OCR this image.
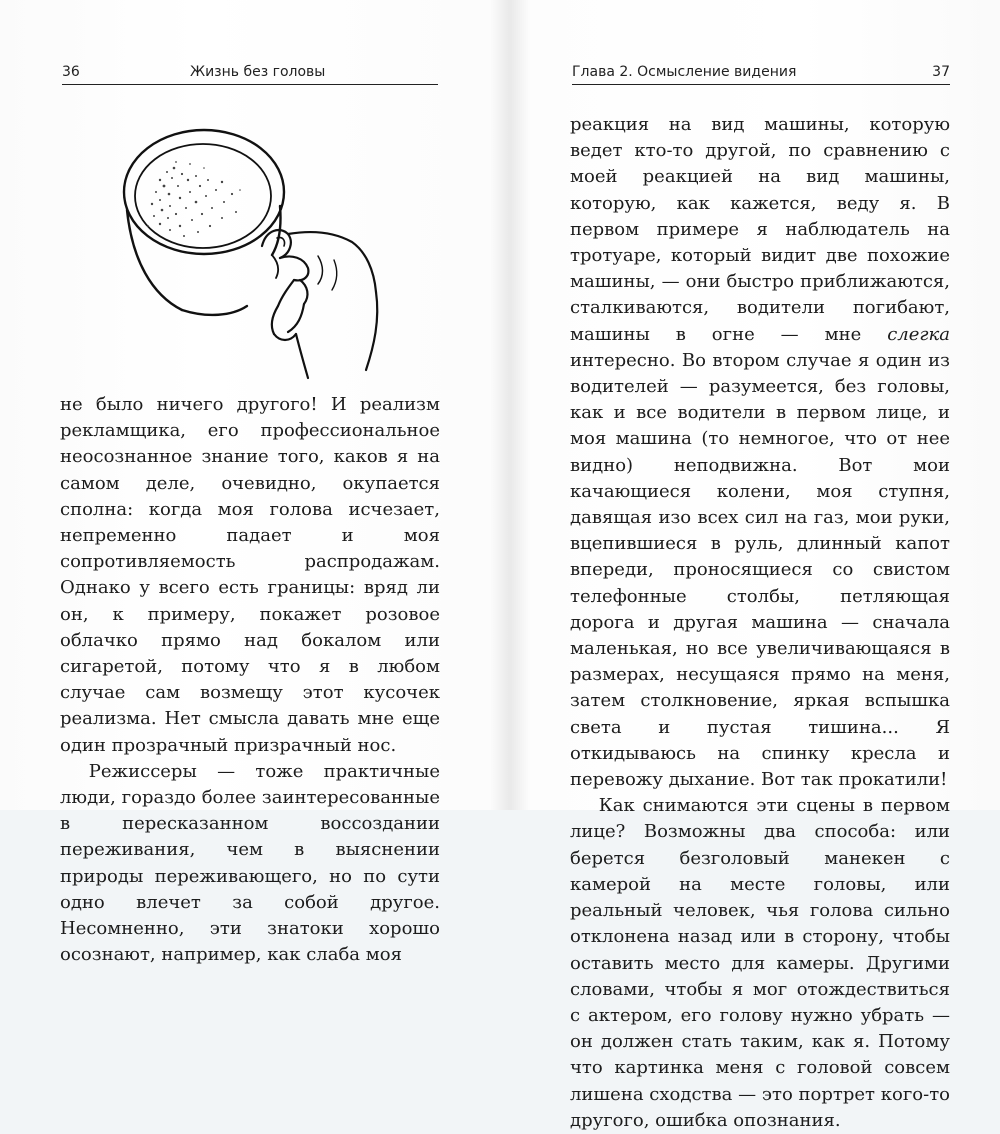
36	Жизнь без головы

не было ничего другого! И реализм рекламщика, его профессиональное неосознанное знание того, каков я на самом деле, очевидно, окупается сполна: когда моя голова исчезает, непременно падает и моя сопротивляемость распродажам. Однако у всего есть границы: вряд ли он, к примеру, покажет розовое облачко прямо над бокалом или сигаретой, потому что я в любом случае сам возмещу этот кусочек реализма. Нет смысла давать мне еще один прозрачный призрачный нос.

Режиссеры — тоже практичные люди, гораздо более заинтересованные в пересказанном воссоздании переживания, чем в выяснении природы переживающего, но по сути одно влечет за собой другое. Несомненно, эти знатоки хорошо осознают, например, как слаба моя

Глава 2. Осмысление видения	37

реакция на вид машины, которую ведет кто-то другой, по сравнению с моей реакцией на вид машины, которую, как кажется, веду я. В первом примере я наблюдатель на тротуаре, который видит две похожие машины, — они быстро приближаются, сталкиваются, водители погибают, машины в огне — мне слегка интересно. Во втором случае я один из водителей — разумеется, без головы, как и все водители в первом лице, и моя машина (то немногое, что от нее видно) неподвижна. Вот мои качающиеся колени, моя ступня, давящая изо всех сил на газ, мои руки, вцепившиеся в руль, длинный капот впереди, проносящиеся со свистом телефонные столбы, петляющая дорога и другая машина — сначала маленькая, но все увеличивающаяся в размерах, несущаяся прямо на меня, затем столкновение, яркая вспышка света и пустая тишина... Я откидываюсь на спинку кресла и перевожу дыхание. Вот так прокатили!

Как снимаются эти сцены в первом лице? Возможны два способа: или берется безголовый манекен с камерой на месте головы, или реальный человек, чья голова сильно отклонена назад или в сторону, чтобы оставить место для камеры. Другими словами, чтобы я мог отождествиться с актером, его голову нужно убрать — он должен стать таким, как я. Потому что картинка меня с головой совсем лишена сходства — это портрет кого-то другого, ошибка опознания.
